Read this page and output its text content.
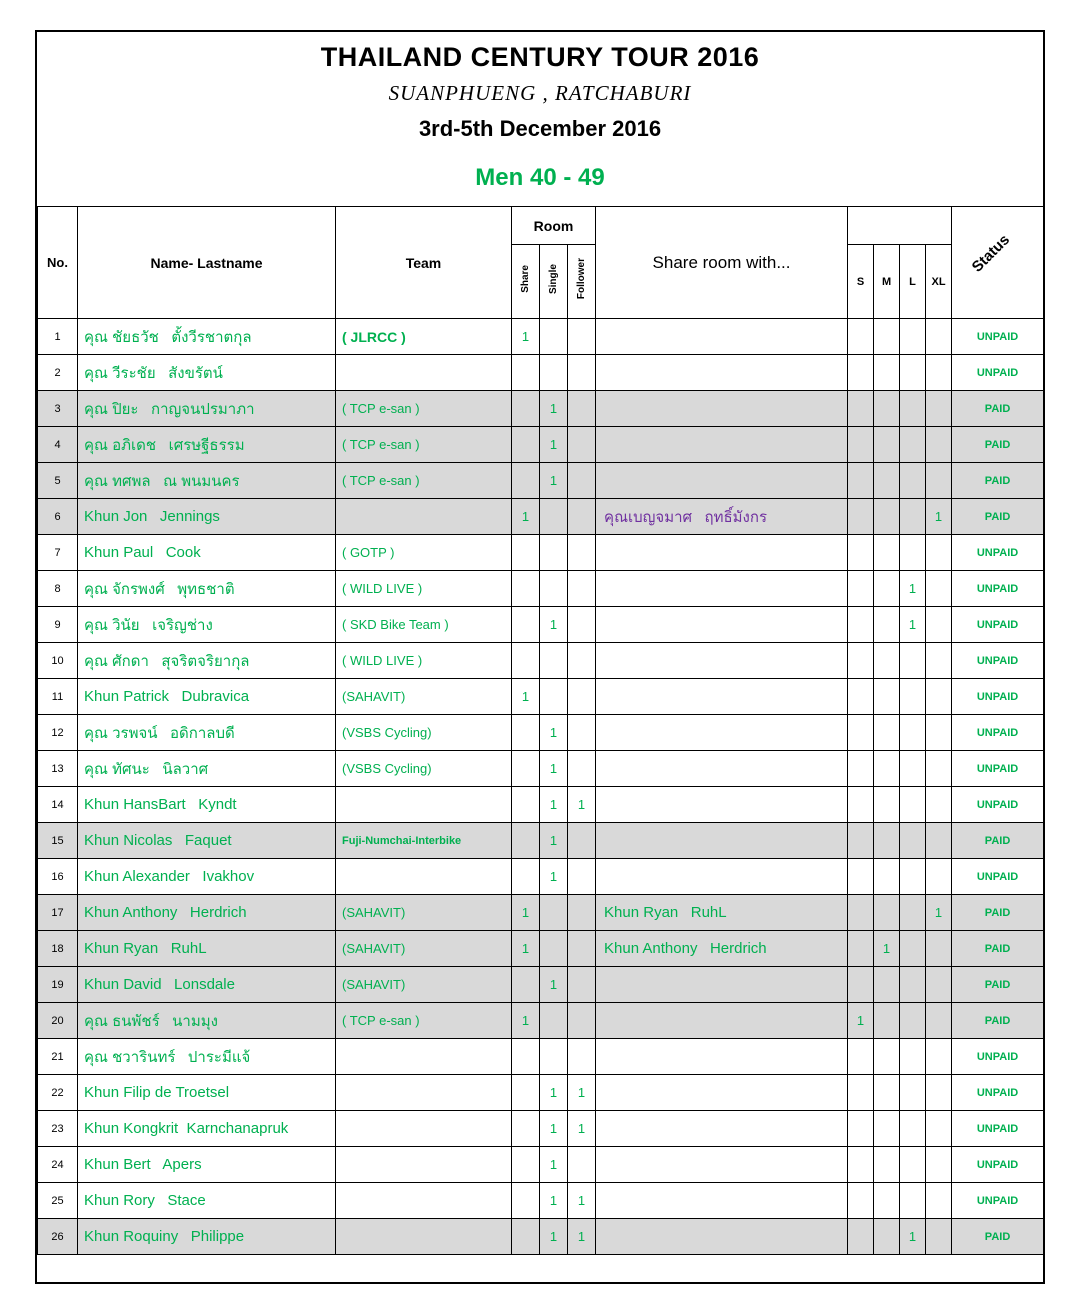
THAILAND CENTURY TOUR 2016
SUANPHUENG , RATCHABURI
3rd-5th December 2016
Men 40 - 49
No.	Name- Lastname	Team	Room			Share room with...					Status

			Share	Single	Follower		S	M	L	XL	
1	คุณ ชัยธวัช   ตั้งวีรชาตกุล	( JLRCC )	1								UNPAID
2	คุณ วีระชัย   สังขรัตน์										UNPAID
3	คุณ ปิยะ   กาญจนปรมาภา	( TCP e-san )		1							PAID
4	คุณ อภิเดช   เศรษฐีธรรม	( TCP e-san )		1							PAID
5	คุณ ทศพล   ณ พนมนคร	( TCP e-san )		1							PAID
6	Khun Jon   Jennings		1			คุณเบญจมาศ   ฤทธิ์มังกร				1	PAID
7	Khun Paul   Cook	( GOTP )									UNPAID
8	คุณ จักรพงศ์   พุทธชาติ	( WILD LIVE )							1		UNPAID
9	คุณ วินัย   เจริญช่าง	( SKD Bike Team )		1					1		UNPAID
10	คุณ ศักดา   สุจริตจริยากุล	( WILD LIVE )									UNPAID
11	Khun Patrick   Dubravica	(SAHAVIT)	1								UNPAID
12	คุณ วรพจน์   อดิกาลบดี	(VSBS Cycling)		1							UNPAID
13	คุณ ทัศนะ   นิลวาศ	(VSBS Cycling)		1							UNPAID
14	Khun HansBart   Kyndt			1	1						UNPAID
15	Khun Nicolas   Faquet	Fuji-Numchai-Interbike		1							PAID
16	Khun Alexander   Ivakhov			1							UNPAID
17	Khun Anthony   Herdrich	(SAHAVIT)	1			Khun Ryan   RuhL				1	PAID
18	Khun Ryan   RuhL	(SAHAVIT)	1			Khun Anthony   Herdrich		1			PAID
19	Khun David   Lonsdale	(SAHAVIT)		1							PAID
20	คุณ ธนพัชร์   นามมุง	( TCP e-san )	1				1				PAID
21	คุณ ชวารินทร์   ปาระมีแจ้										UNPAID
22	Khun Filip de Troetsel			1	1						UNPAID
23	Khun Kongkrit  Karnchanapruk			1	1						UNPAID
24	Khun Bert   Apers			1							UNPAID
25	Khun Rory   Stace			1	1						UNPAID
26	Khun Roquiny   Philippe			1	1				1		PAID
